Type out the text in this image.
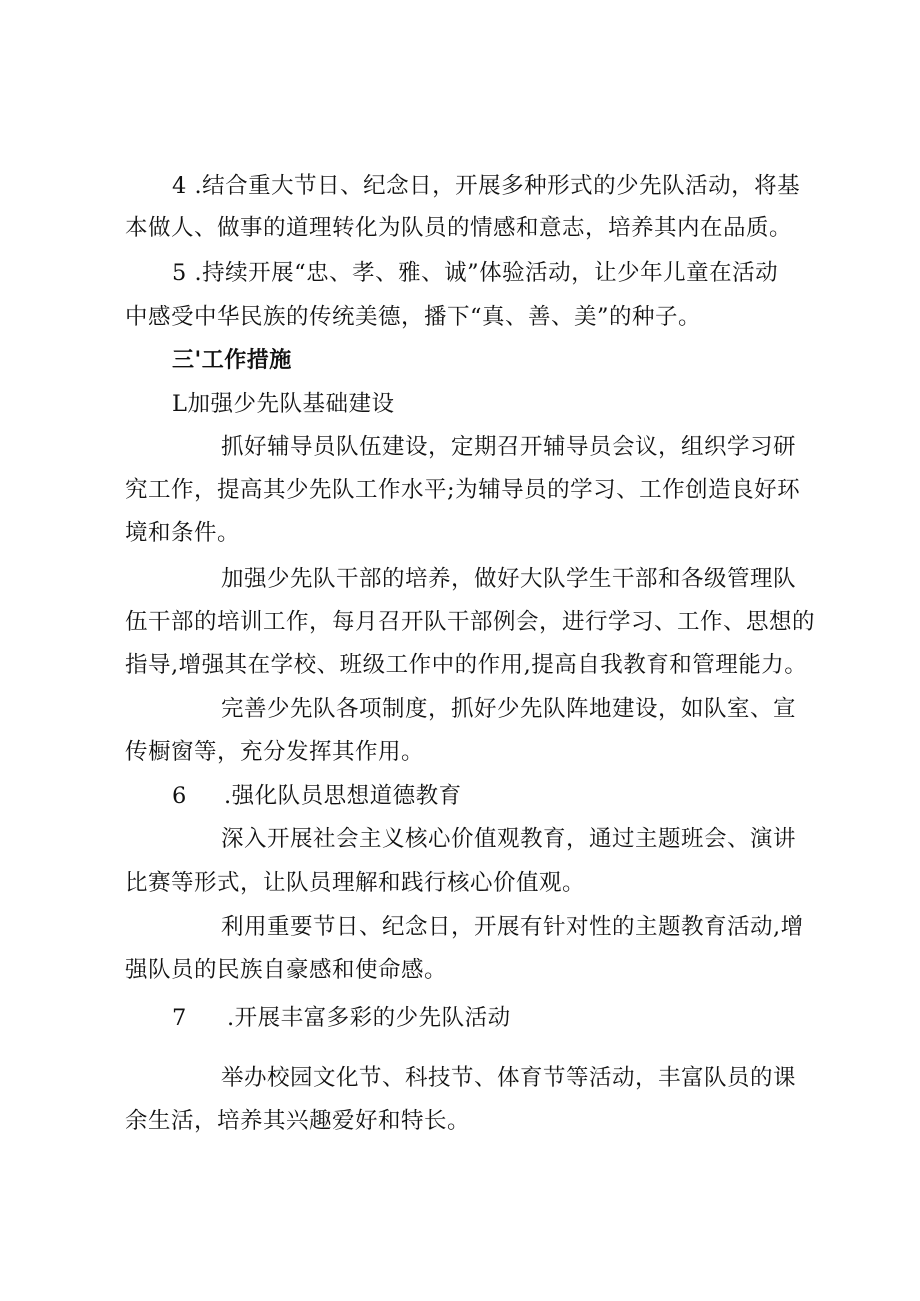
4 .结合重大节日、纪念日，开展多种形式的少先队活动，将基
本做人、做事的道理转化为队员的情感和意志，培养其内在品质。
5 .持续开展“忠、孝、雅、诚”体验活动，让少年儿童在活动
中感受中华民族的传统美德，播下“真、善、美”的种子。
三'工作措施
L加强少先队基础建设
抓好辅导员队伍建设，定期召开辅导员会议，组织学习研
究工作，提高其少先队工作水平;为辅导员的学习、工作创造良好环
境和条件。
加强少先队干部的培养，做好大队学生干部和各级管理队
伍干部的培训工作，每月召开队干部例会，进行学习、工作、思想的
指导,增强其在学校、班级工作中的作用,提高自我教育和管理能力。
完善少先队各项制度，抓好少先队阵地建设，如队室、宣
传橱窗等，充分发挥其作用。
6 .强化队员思想道德教育
深入开展社会主义核心价值观教育，通过主题班会、演讲
比赛等形式，让队员理解和践行核心价值观。
利用重要节日、纪念日，开展有针对性的主题教育活动,增
强队员的民族自豪感和使命感。
7 .开展丰富多彩的少先队活动
举办校园文化节、科技节、体育节等活动，丰富队员的课
余生活，培养其兴趣爱好和特长。
